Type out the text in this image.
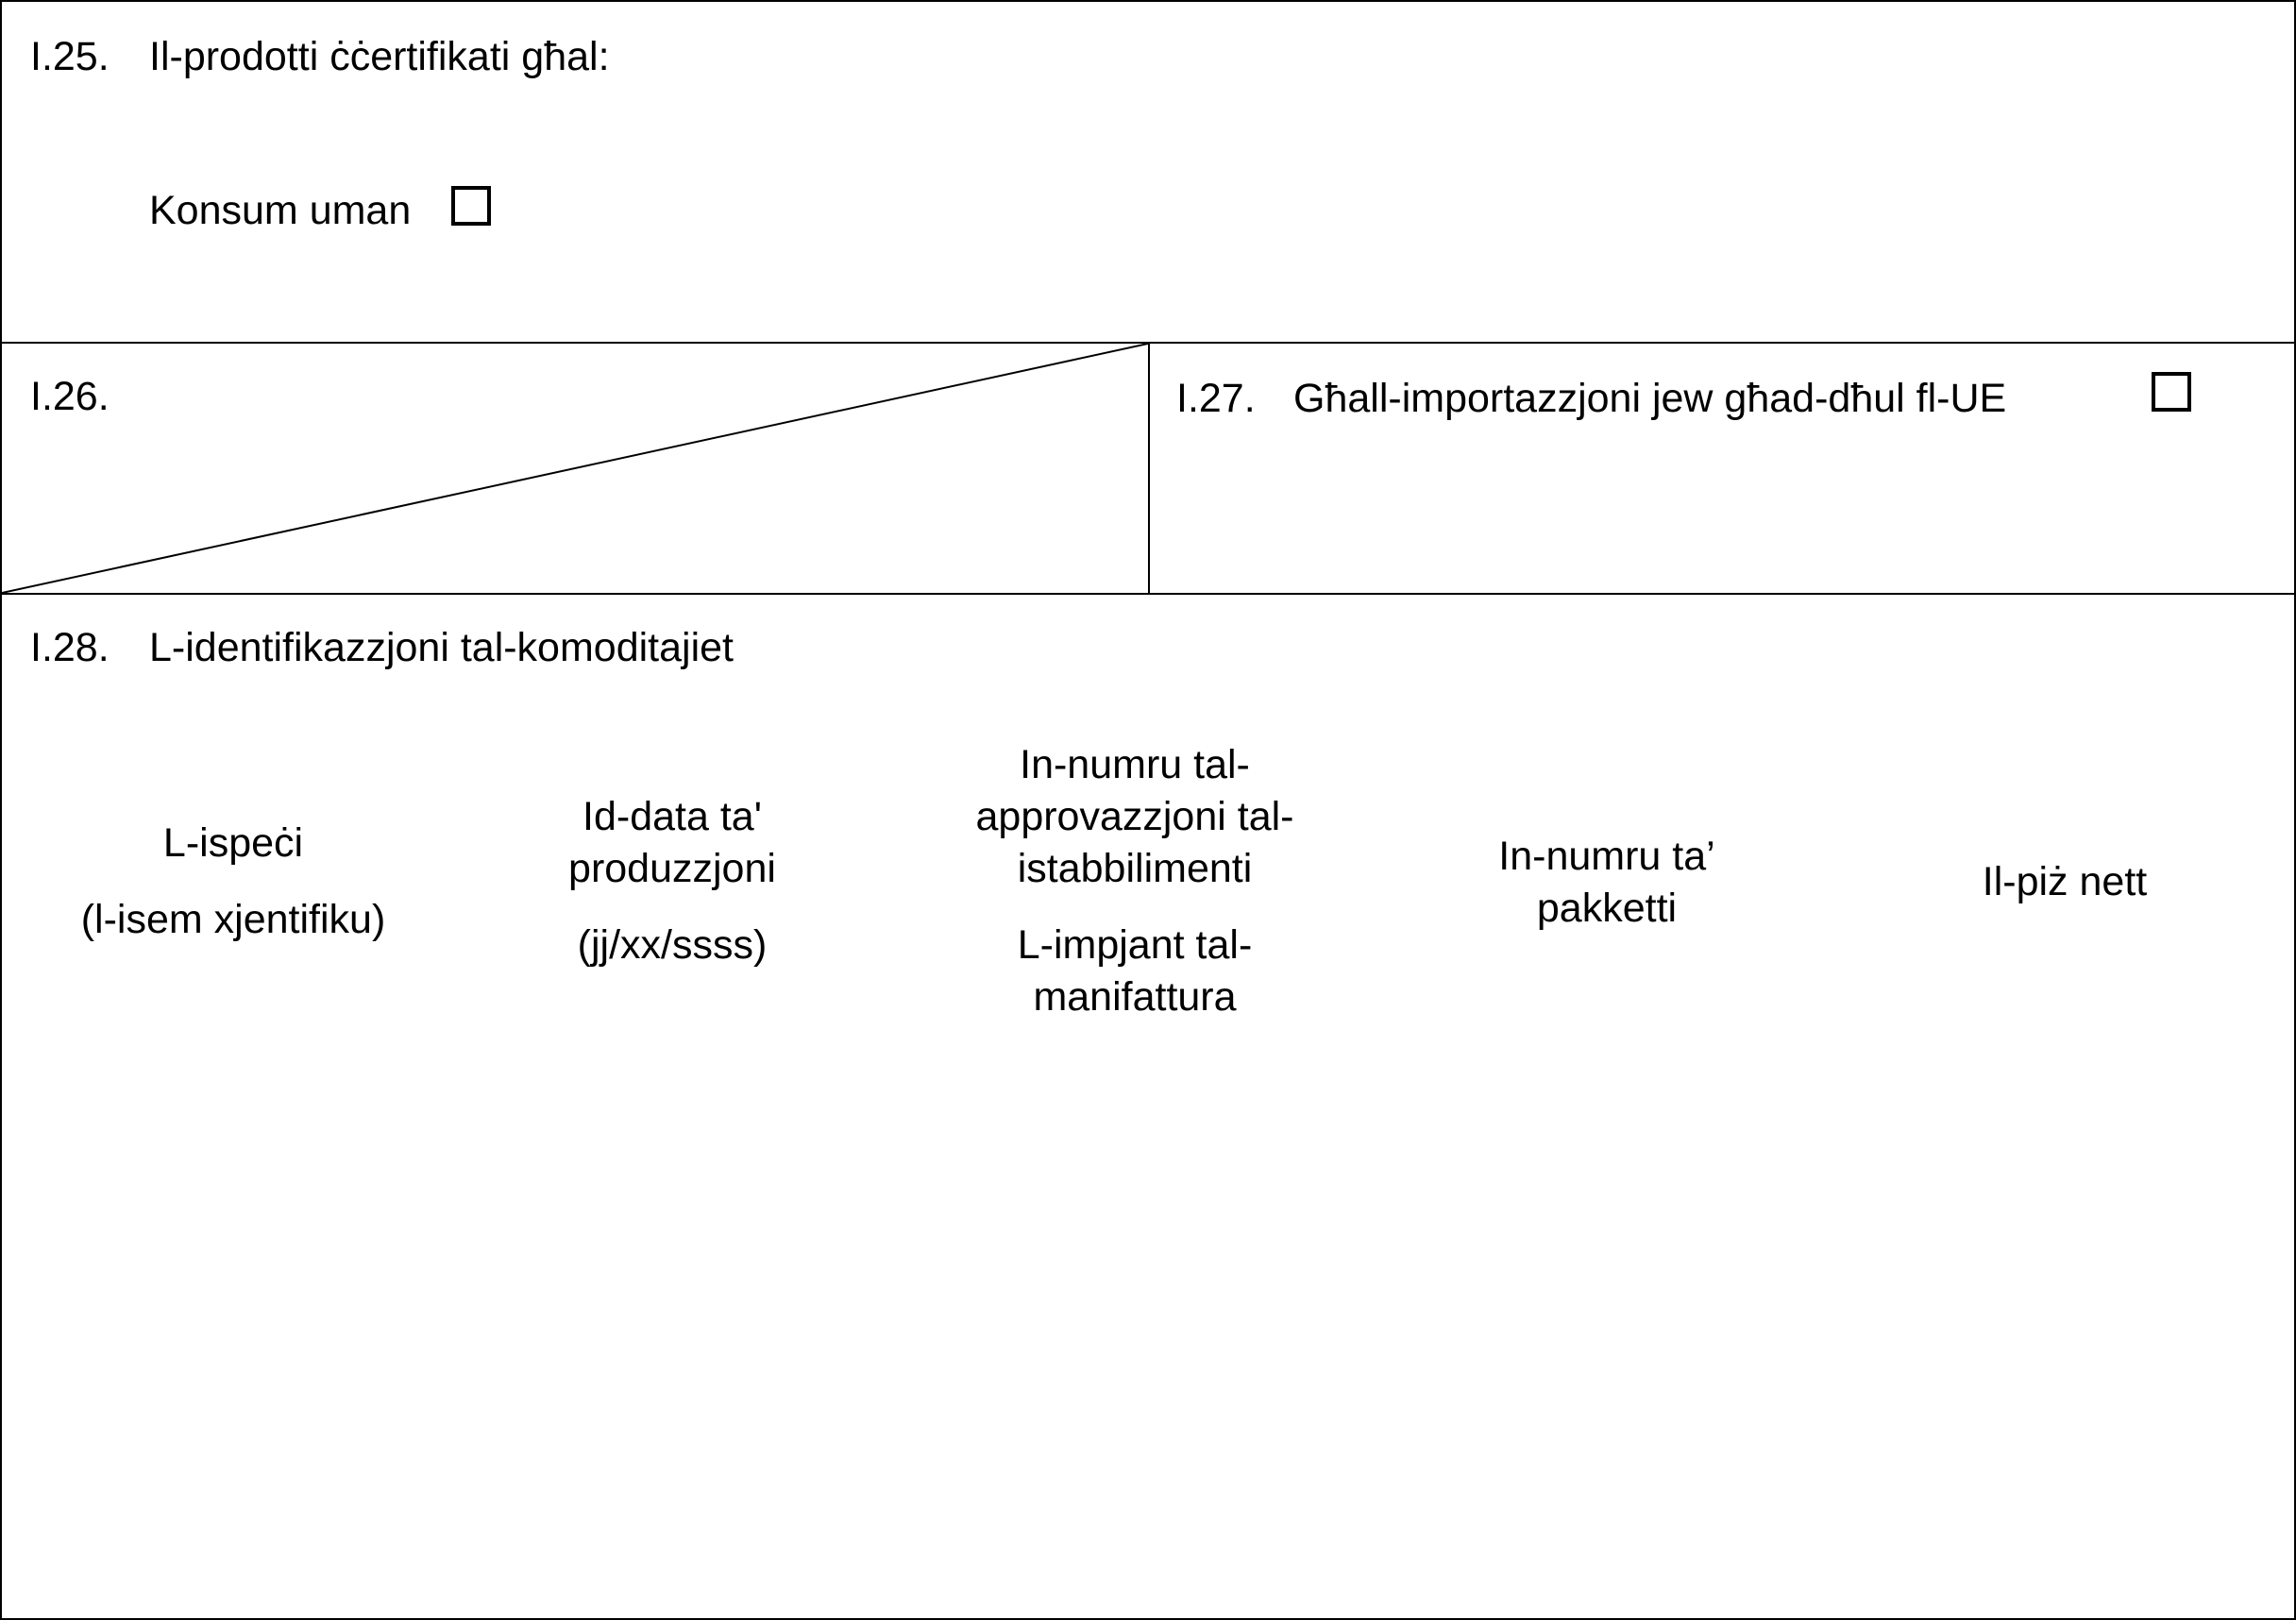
I.25. Il-prodotti ċċertifikati għal:
Konsum uman
I.26.	I.27. Għall-importazzjoni jew għad-dħul fl-UE
I.28. L-identifikazzjoni tal-komoditajiet

L-ispeċi

(l-isem xjentifiku)

Id-data ta'

produzzjoni

(jj/xx/ssss)

In-numru tal-

approvazzjoni tal-

istabbilimenti

L-impjant tal-

manifattura

In-numru ta’

pakketti

Il-piż nett
